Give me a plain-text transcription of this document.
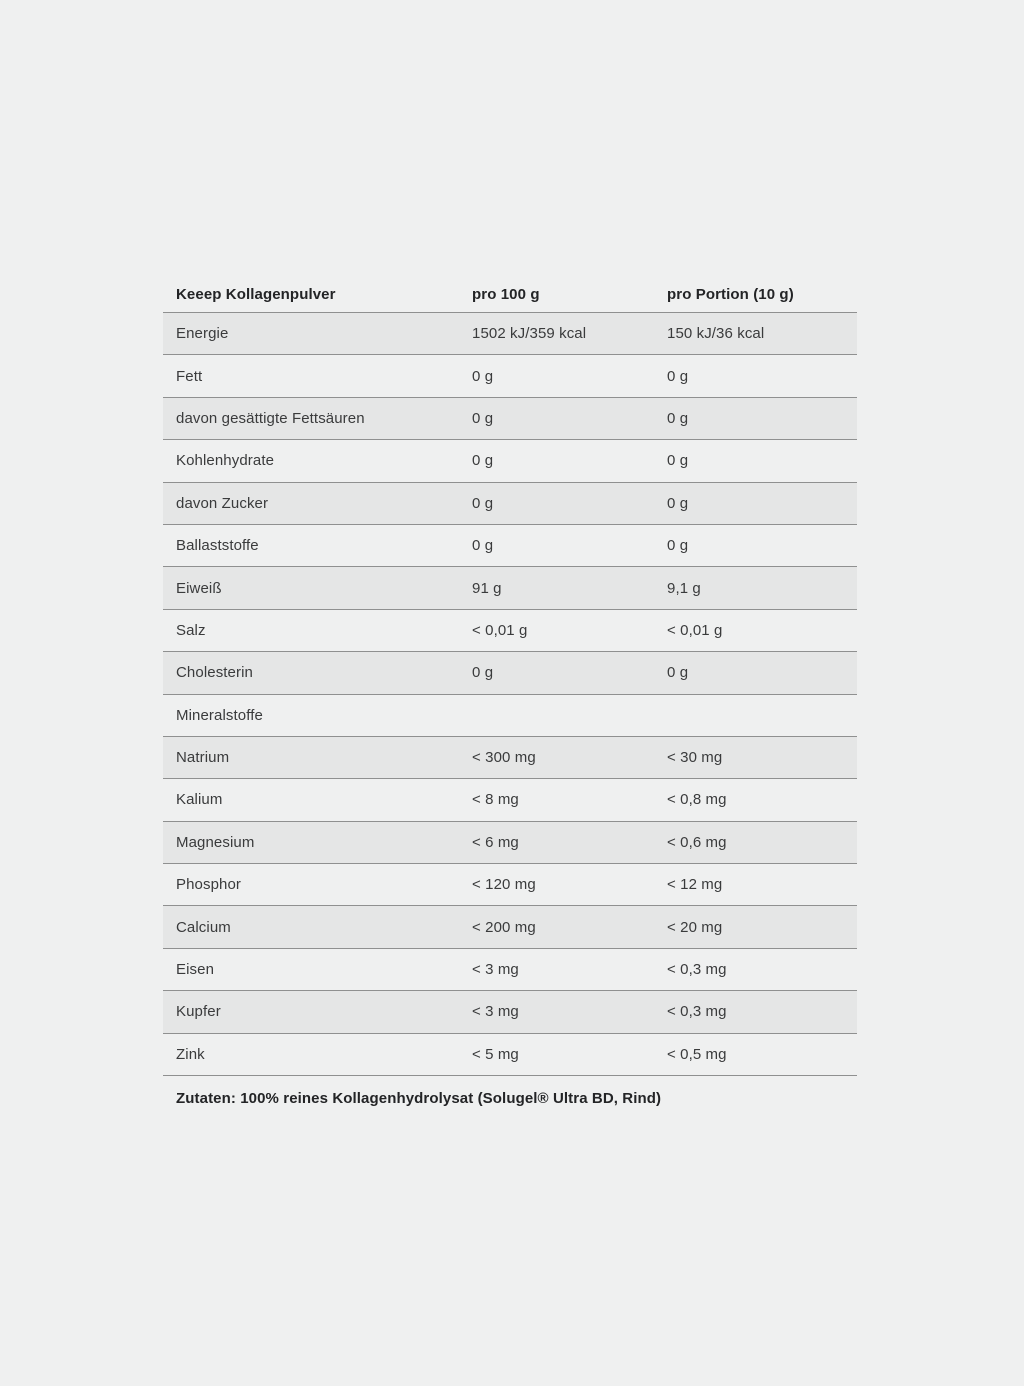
Keeep Kollagenpulver	pro 100 g	pro Portion (10 g)
Energie	1502 kJ/359 kcal	150 kJ/36 kcal
Fett	0 g	0 g
davon gesättigte Fettsäuren	0 g	0 g
Kohlenhydrate	0 g	0 g
davon Zucker	0 g	0 g
Ballaststoffe	0 g	0 g
Eiweiß	91 g	9,1 g
Salz	< 0,01 g	< 0,01 g
Cholesterin	0 g	0 g
Mineralstoffe
Natrium	< 300 mg	< 30 mg
Kalium	< 8 mg	< 0,8 mg
Magnesium	< 6 mg	< 0,6 mg
Phosphor	< 120 mg	< 12 mg
Calcium	< 200 mg	< 20 mg
Eisen	< 3 mg	< 0,3 mg
Kupfer	< 3 mg	< 0,3 mg
Zink	< 5 mg	< 0,5 mg
Zutaten: 100% reines Kollagenhydrolysat (Solugel® Ultra BD, Rind)
